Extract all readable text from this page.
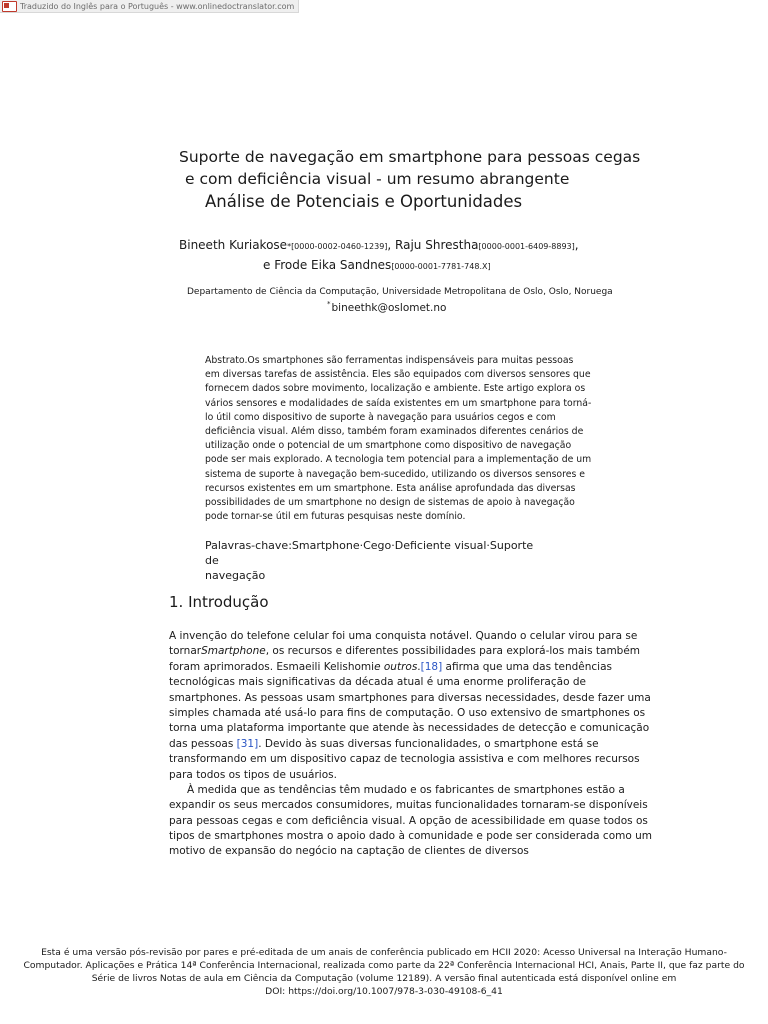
Traduzido do Inglês para o Português - www.onlinedoctranslator.com
Suporte de navegação em smartphone para pessoas cegas
e com deficiência visual - um resumo abrangente
Análise de Potenciais e Oportunidades
Bineeth Kuriakose*[0000-0002-0460-1239], Raju Shrestha[0000-0001-6409-8893],
e Frode Eika Sandnes[0000-0001-7781-748.X]
Departamento de Ciência da Computação, Universidade Metropolitana de Oslo, Oslo, Noruega
*bineethk@oslomet.no
Abstrato.Os smartphones são ferramentas indispensáveis para muitas pessoas
em diversas tarefas de assistência. Eles são equipados com diversos sensores que
fornecem dados sobre movimento, localização e ambiente. Este artigo explora os
vários sensores e modalidades de saída existentes em um smartphone para torná-
lo útil como dispositivo de suporte à navegação para usuários cegos e com
deficiência visual. Além disso, também foram examinados diferentes cenários de
utilização onde o potencial de um smartphone como dispositivo de navegação
pode ser mais explorado. A tecnologia tem potencial para a implementação de um
sistema de suporte à navegação bem-sucedido, utilizando os diversos sensores e
recursos existentes em um smartphone. Esta análise aprofundada das diversas
possibilidades de um smartphone no design de sistemas de apoio à navegação
pode tornar-se útil em futuras pesquisas neste domínio.
Palavras-chave:Smartphone·Cego·Deficiente visual·Suporte de
navegação
1. Introdução
A invenção do telefone celular foi uma conquista notável. Quando o celular virou para se
tornarSmartphone, os recursos e diferentes possibilidades para explorá-los mais também
foram aprimorados. Esmaeili Kelishomie outros.[18] afirma que uma das tendências
tecnológicas mais significativas da década atual é uma enorme proliferação de
smartphones. As pessoas usam smartphones para diversas necessidades, desde fazer uma
simples chamada até usá-lo para fins de computação. O uso extensivo de smartphones os
torna uma plataforma importante que atende às necessidades de detecção e comunicação
das pessoas [31]. Devido às suas diversas funcionalidades, o smartphone está se
transformando em um dispositivo capaz de tecnologia assistiva e com melhores recursos
para todos os tipos de usuários.
À medida que as tendências têm mudado e os fabricantes de smartphones estão a
expandir os seus mercados consumidores, muitas funcionalidades tornaram-se disponíveis
para pessoas cegas e com deficiência visual. A opção de acessibilidade em quase todos os
tipos de smartphones mostra o apoio dado à comunidade e pode ser considerada como um
motivo de expansão do negócio na captação de clientes de diversos
Esta é uma versão pós-revisão por pares e pré-editada de um anais de conferência publicado em HCII 2020: Acesso Universal na Interação Humano-
Computador. Aplicações e Prática 14ª Conferência Internacional, realizada como parte da 22ª Conferência Internacional HCI, Anais, Parte II, que faz parte do
Série de livros Notas de aula em Ciência da Computação (volume 12189). A versão final autenticada está disponível online em
DOI: https://doi.org/10.1007/978-3-030-49108-6_41
